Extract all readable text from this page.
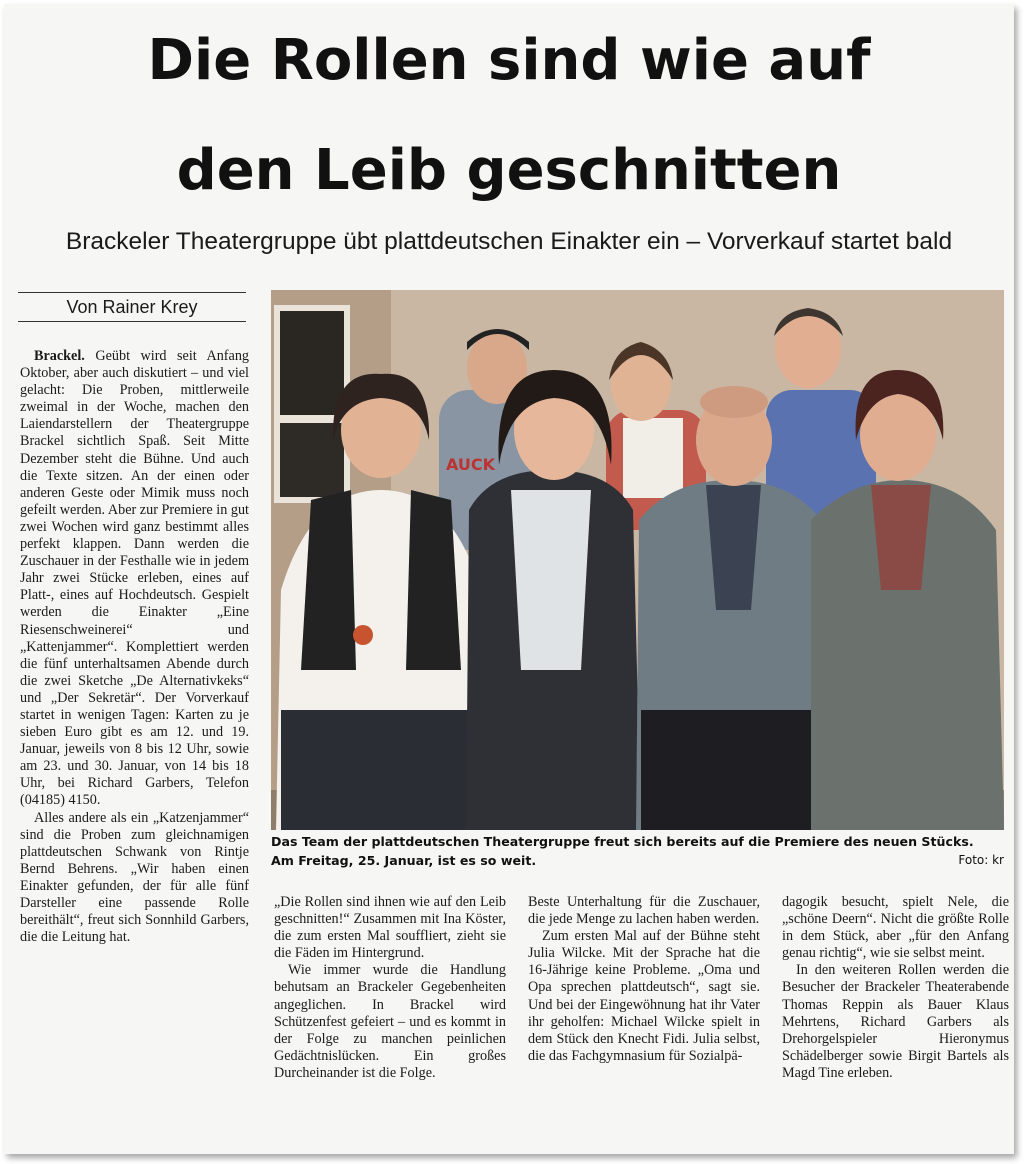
Die Rollen sind wie auf
den Leib geschnitten
Brackeler Theatergruppe übt plattdeutschen Einakter ein – Vorverkauf startet bald
Von Rainer Krey

Brackel. Geübt wird seit Anfang Oktober, aber auch diskutiert – und viel gelacht: Die Proben, mittlerweile zweimal in der Woche, machen den Laiendarstellern der Theatergruppe Brackel sichtlich Spaß. Seit Mitte Dezember steht die Bühne. Und auch die Texte sitzen. An der einen oder anderen Geste oder Mimik muss noch gefeilt werden. Aber zur Premiere in gut zwei Wochen wird ganz bestimmt alles perfekt klappen. Dann werden die Zuschauer in der Festhalle wie in jedem Jahr zwei Stücke erleben, eines auf Platt-, eines auf Hochdeutsch. Gespielt werden die Einakter „Eine Riesenschweinerei“ und „Kattenjammer“. Komplettiert werden die fünf unterhaltsamen Abende durch die zwei Sketche „De Alternativkeks“ und „Der Sekretär“. Der Vorverkauf startet in wenigen Tagen: Karten zu je sieben Euro gibt es am 12. und 19. Januar, jeweils von 8 bis 12 Uhr, sowie am 23. und 30. Januar, von 14 bis 18 Uhr, bei Richard Garbers, Telefon (04185) 4150.

Alles andere als ein „Katzenjammer“ sind die Proben zum gleichnamigen plattdeutschen Schwank von Rintje Bernd Behrens. „Wir haben einen Einakter gefunden, der für alle fünf Darsteller eine passende Rolle bereithält“, freut sich Sonnhild Garbers, die die Leitung hat.

AUCK

Das Team der plattdeutschen Theatergruppe freut sich bereits auf die Premiere des neuen Stücks.

Am Freitag, 25. Januar, ist es so weit.	Foto: kr

„Die Rollen sind ihnen wie auf den Leib geschnitten!“ Zusammen mit Ina Köster, die zum ersten Mal souffliert, zieht sie die Fäden im Hintergrund.

Wie immer wurde die Handlung behutsam an Brackeler Gegebenheiten angeglichen. In Brackel wird Schützenfest gefeiert – und es kommt in der Folge zu manchen peinlichen Gedächtnislücken. Ein großes Durcheinander ist die Folge.

Beste Unterhaltung für die Zuschauer, die jede Menge zu lachen haben werden.

Zum ersten Mal auf der Bühne steht Julia Wilcke. Mit der Sprache hat die 16-Jährige keine Probleme. „Oma und Opa sprechen plattdeutsch“, sagt sie. Und bei der Eingewöhnung hat ihr Vater ihr geholfen: Michael Wilcke spielt in dem Stück den Knecht Fidi. Julia selbst, die das Fachgymnasium für Sozialpä-

dagogik besucht, spielt Nele, die „schöne Deern“. Nicht die größte Rolle in dem Stück, aber „für den Anfang genau richtig“, wie sie selbst meint.

In den weiteren Rollen werden die Besucher der Brackeler Theaterabende Thomas Reppin als Bauer Klaus Mehrtens, Richard Garbers als Drehorgelspieler Hieronymus Schädelberger sowie Birgit Bartels als Magd Tine erleben.
